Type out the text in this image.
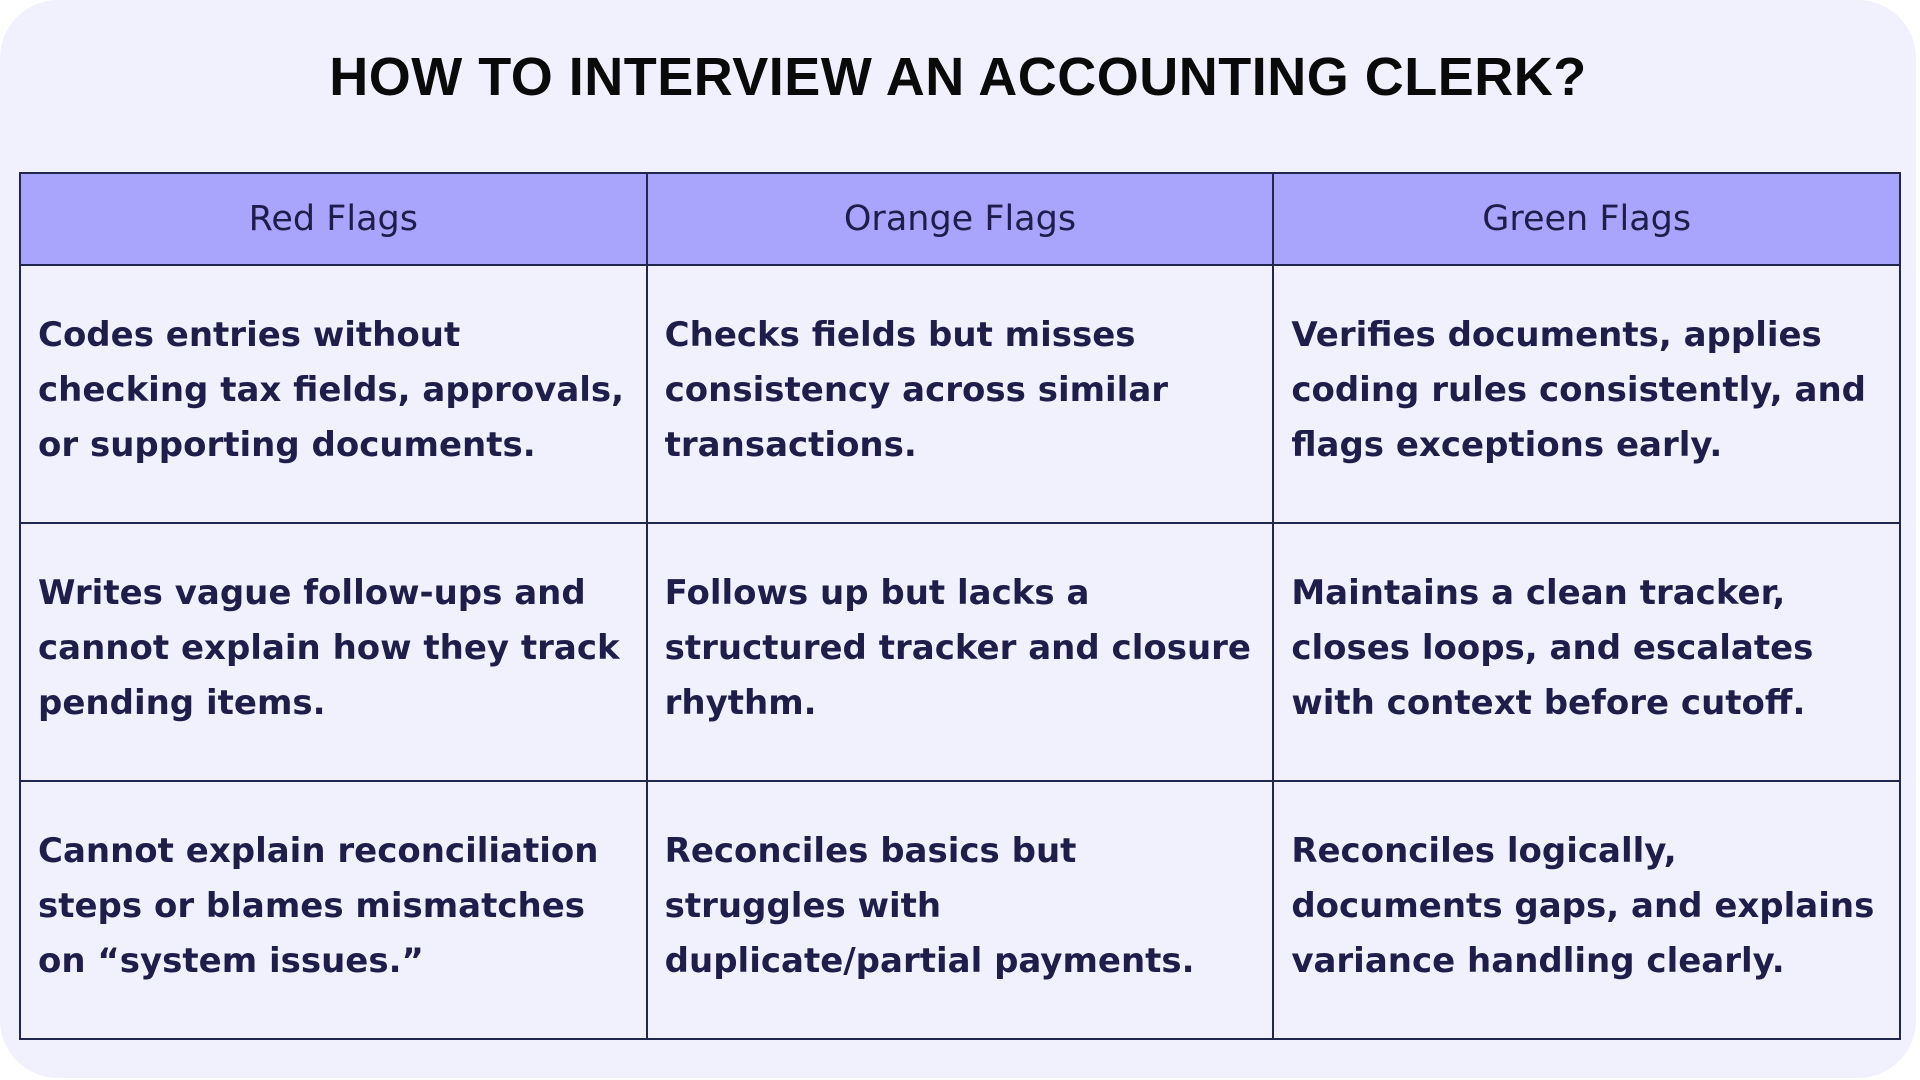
HOW TO INTERVIEW AN ACCOUNTING CLERK?
Red Flags	Orange Flags	Green Flags

Codes entries without checking tax fields, approvals, or supporting documents.	Checks fields but misses consistency across similar transactions.	Verifies documents, applies coding rules consistently, and flags exceptions early.

Writes vague follow-ups and cannot explain how they track pending items.	Follows up but lacks a structured tracker and closure rhythm.	Maintains a clean tracker, closes loops, and escalates with context before cutoff.

Cannot explain reconciliation steps or blames mismatches on “system issues.”	Reconciles basics but struggles with duplicate/partial payments.	Reconciles logically, documents gaps, and explains variance handling clearly.
